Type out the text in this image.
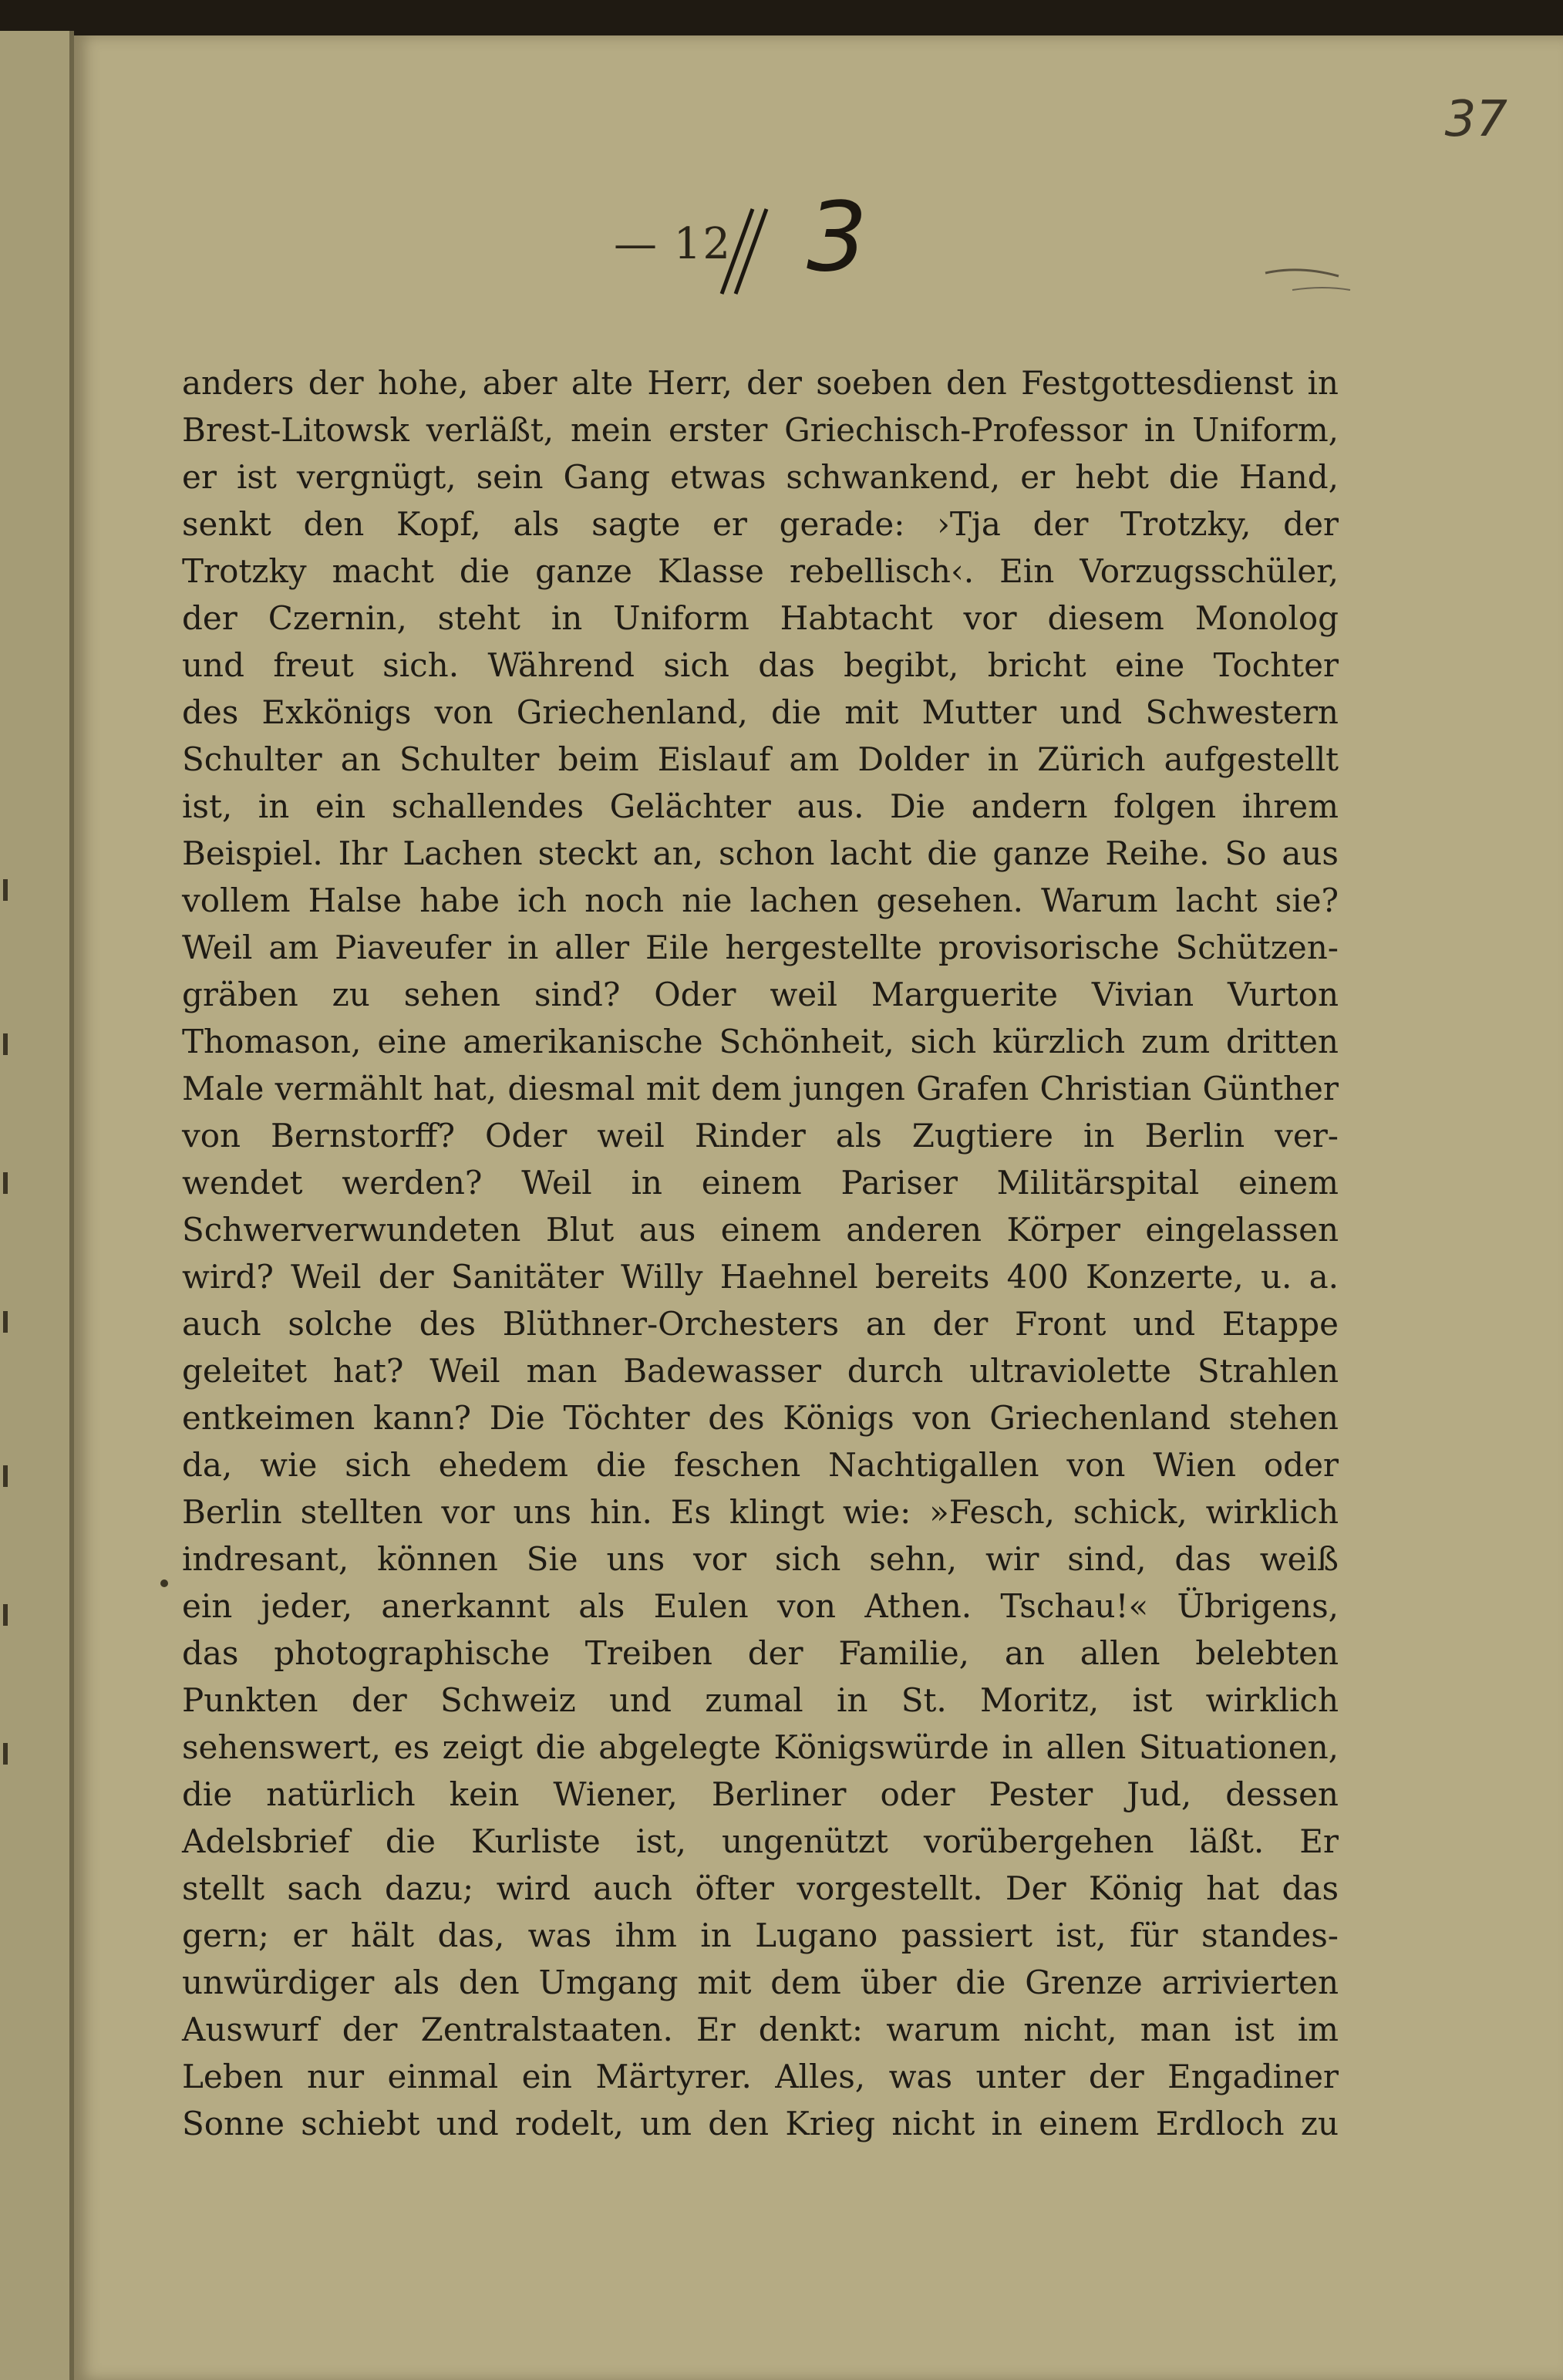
37
— 12 3
anders der hohe, aber alte Herr, der soeben den Festgottesdienst in
Brest-Litowsk verläßt, mein erster Griechisch-Professor in Uniform,
er ist vergnügt, sein Gang etwas schwankend, er hebt die Hand,
senkt den Kopf, als sagte er gerade: ›Tja der Trotzky, der
Trotzky macht die ganze Klasse rebellisch‹. Ein Vorzugsschüler,
der Czernin, steht in Uniform Habtacht vor diesem Monolog
und freut sich. Während sich das begibt, bricht eine Tochter
des Exkönigs von Griechenland, die mit Mutter und Schwestern
Schulter an Schulter beim Eislauf am Dolder in Zürich aufgestellt
ist, in ein schallendes Gelächter aus. Die andern folgen ihrem
Beispiel. Ihr Lachen steckt an, schon lacht die ganze Reihe. So aus
vollem Halse habe ich noch nie lachen gesehen. Warum lacht sie?
Weil am Piaveufer in aller Eile hergestellte provisorische Schützen-
gräben zu sehen sind? Oder weil Marguerite Vivian Vurton
Thomason, eine amerikanische Schönheit, sich kürzlich zum dritten
Male vermählt hat, diesmal mit dem jungen Grafen Christian Günther
von Bernstorff? Oder weil Rinder als Zugtiere in Berlin ver-
wendet werden? Weil in einem Pariser Militärspital einem
Schwerverwundeten Blut aus einem anderen Körper eingelassen
wird? Weil der Sanitäter Willy Haehnel bereits 400 Konzerte, u. a.
auch solche des Blüthner-Orchesters an der Front und Etappe
geleitet hat? Weil man Badewasser durch ultraviolette Strahlen
entkeimen kann? Die Töchter des Königs von Griechenland stehen
da, wie sich ehedem die feschen Nachtigallen von Wien oder
Berlin stellten vor uns hin. Es klingt wie: »Fesch, schick, wirklich
indresant, können Sie uns vor sich sehn, wir sind, das weiß
ein jeder, anerkannt als Eulen von Athen. Tschau!« Übrigens,
das photographische Treiben der Familie, an allen belebten
Punkten der Schweiz und zumal in St. Moritz, ist wirklich
sehenswert, es zeigt die abgelegte Königswürde in allen Situationen,
die natürlich kein Wiener, Berliner oder Pester Jud, dessen
Adelsbrief die Kurliste ist, ungenützt vorübergehen läßt. Er
stellt sach dazu; wird auch öfter vorgestellt. Der König hat das
gern; er hält das, was ihm in Lugano passiert ist, für standes-
unwürdiger als den Umgang mit dem über die Grenze arrivierten
Auswurf der Zentralstaaten. Er denkt: warum nicht, man ist im
Leben nur einmal ein Märtyrer. Alles, was unter der Engadiner
Sonne schiebt und rodelt, um den Krieg nicht in einem Erdloch zu
